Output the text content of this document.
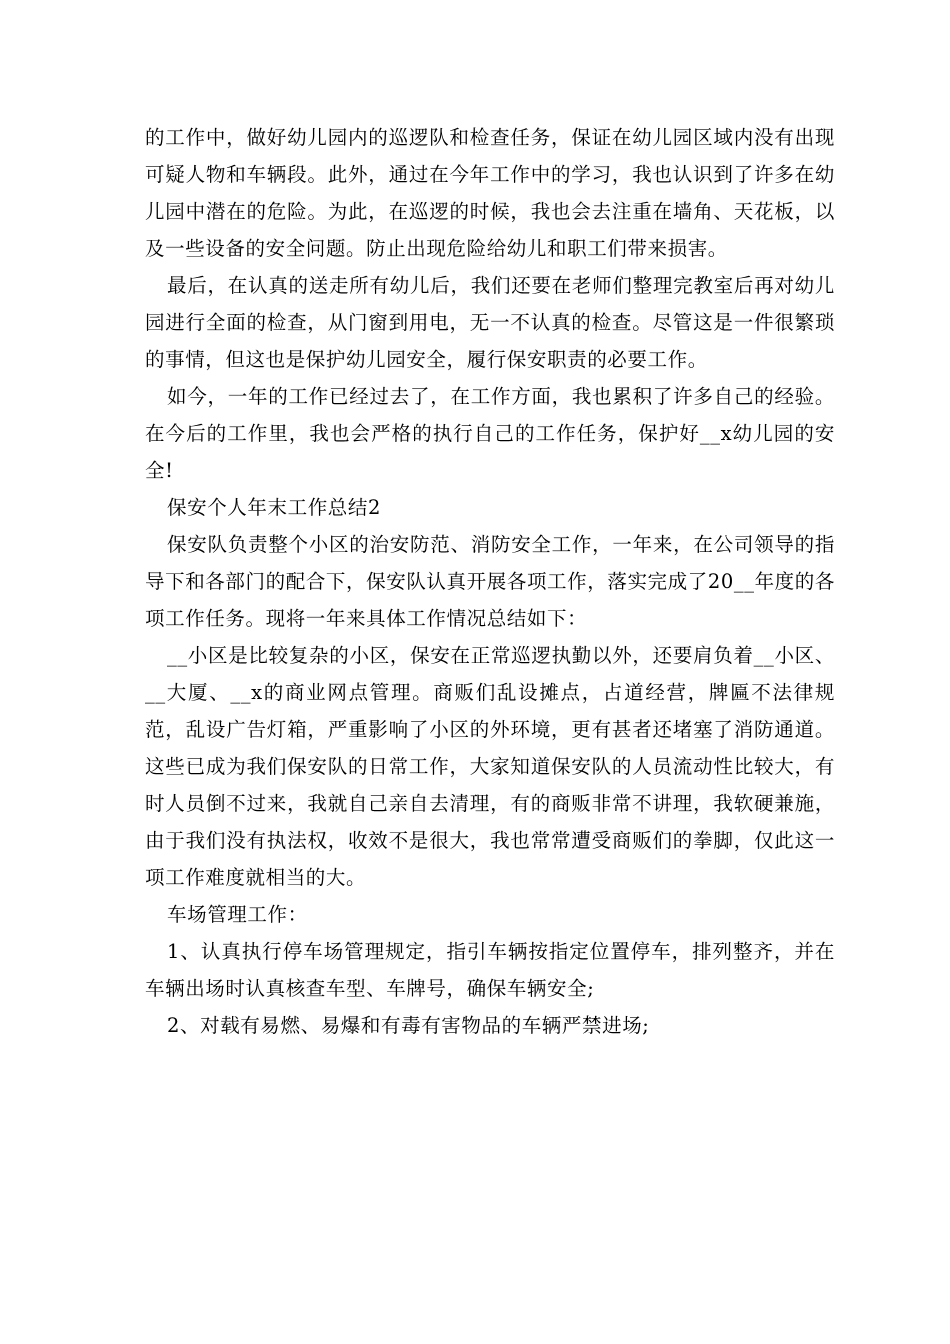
的工作中，做好幼儿园内的巡逻队和检查任务，保证在幼儿园区域内没有出现可疑人物和车辆段。此外，通过在今年工作中的学习，我也认识到了许多在幼儿园中潜在的危险。为此，在巡逻的时候，我也会去注重在墙角、天花板，以及一些设备的安全问题。防止出现危险给幼儿和职工们带来损害。

最后，在认真的送走所有幼儿后，我们还要在老师们整理完教室后再对幼儿园进行全面的检查，从门窗到用电，无一不认真的检查。尽管这是一件很繁琐的事情，但这也是保护幼儿园安全，履行保安职责的必要工作。

如今，一年的工作已经过去了，在工作方面，我也累积了许多自己的经验。在今后的工作里，我也会严格的执行自己的工作任务，保护好__x幼儿园的安全!

保安个人年末工作总结2

保安队负责整个小区的治安防范、消防安全工作，一年来，在公司领导的指导下和各部门的配合下，保安队认真开展各项工作，落实完成了20__年度的各项工作任务。现将一年来具体工作情况总结如下：

__小区是比较复杂的小区，保安在正常巡逻执勤以外，还要肩负着__小区、__大厦、__x的商业网点管理。商贩们乱设摊点，占道经营，牌匾不法律规范，乱设广告灯箱，严重影响了小区的外环境，更有甚者还堵塞了消防通道。这些已成为我们保安队的日常工作，大家知道保安队的人员流动性比较大，有时人员倒不过来，我就自己亲自去清理，有的商贩非常不讲理，我软硬兼施，由于我们没有执法权，收效不是很大，我也常常遭受商贩们的拳脚，仅此这一项工作难度就相当的大。

车场管理工作：

1、认真执行停车场管理规定，指引车辆按指定位置停车，排列整齐，并在车辆出场时认真核查车型、车牌号，确保车辆安全;

2、对载有易燃、易爆和有毒有害物品的车辆严禁进场;
